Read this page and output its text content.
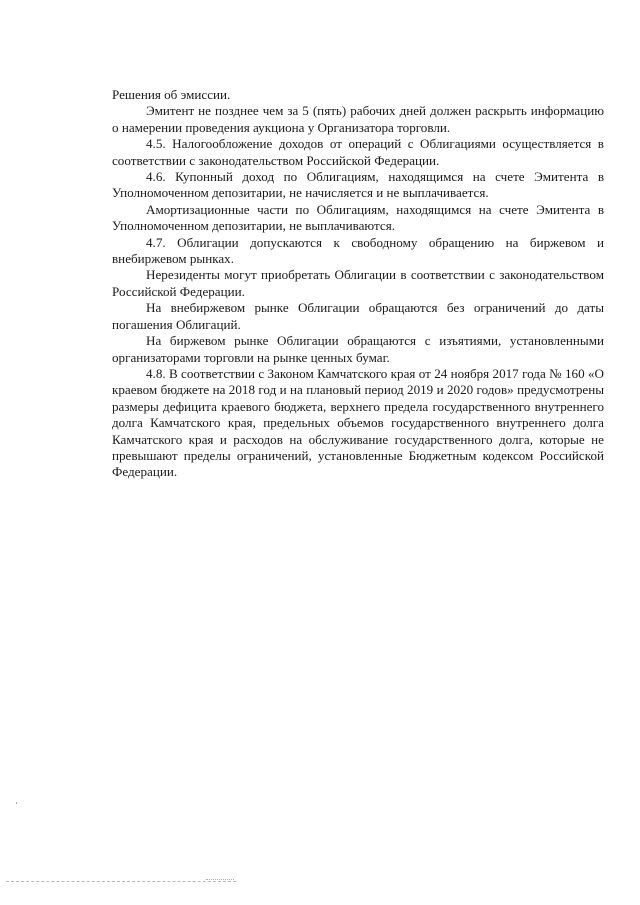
Решения об эмиссии.

Эмитент не позднее чем за 5 (пять) рабочих дней должен раскрыть информацию о намерении проведения аукциона у Организатора торговли.

4.5. Налогообложение доходов от операций с Облигациями осуществляется в соответствии с законодательством Российской Федерации.

4.6. Купонный доход по Облигациям, находящимся на счете Эмитента в Уполномоченном депозитарии, не начисляется и не выплачивается.

Амортизационные части по Облигациям, находящимся на счете Эмитента в Уполномоченном депозитарии, не выплачиваются.

4.7. Облигации допускаются к свободному обращению на биржевом и внебиржевом рынках.

Нерезиденты могут приобретать Облигации в соответствии с законодательством Российской Федерации.

На внебиржевом рынке Облигации обращаются без ограничений до даты погашения Облигаций.

На биржевом рынке Облигации обращаются с изъятиями, установленными организаторами торговли на рынке ценных бумаг.

4.8. В соответствии с Законом Камчатского края от 24 ноября 2017 года № 160 «О краевом бюджете на 2018 год и на плановый период 2019 и 2020 годов» предусмотрены размеры дефицита краевого бюджета, верхнего предела государственного внутреннего долга Камчатского края, предельных объемов государственного внутреннего долга Камчатского края и расходов на обслуживание государственного долга, которые не превышают пределы ограничений, установленные Бюджетным кодексом Российской Федерации.
